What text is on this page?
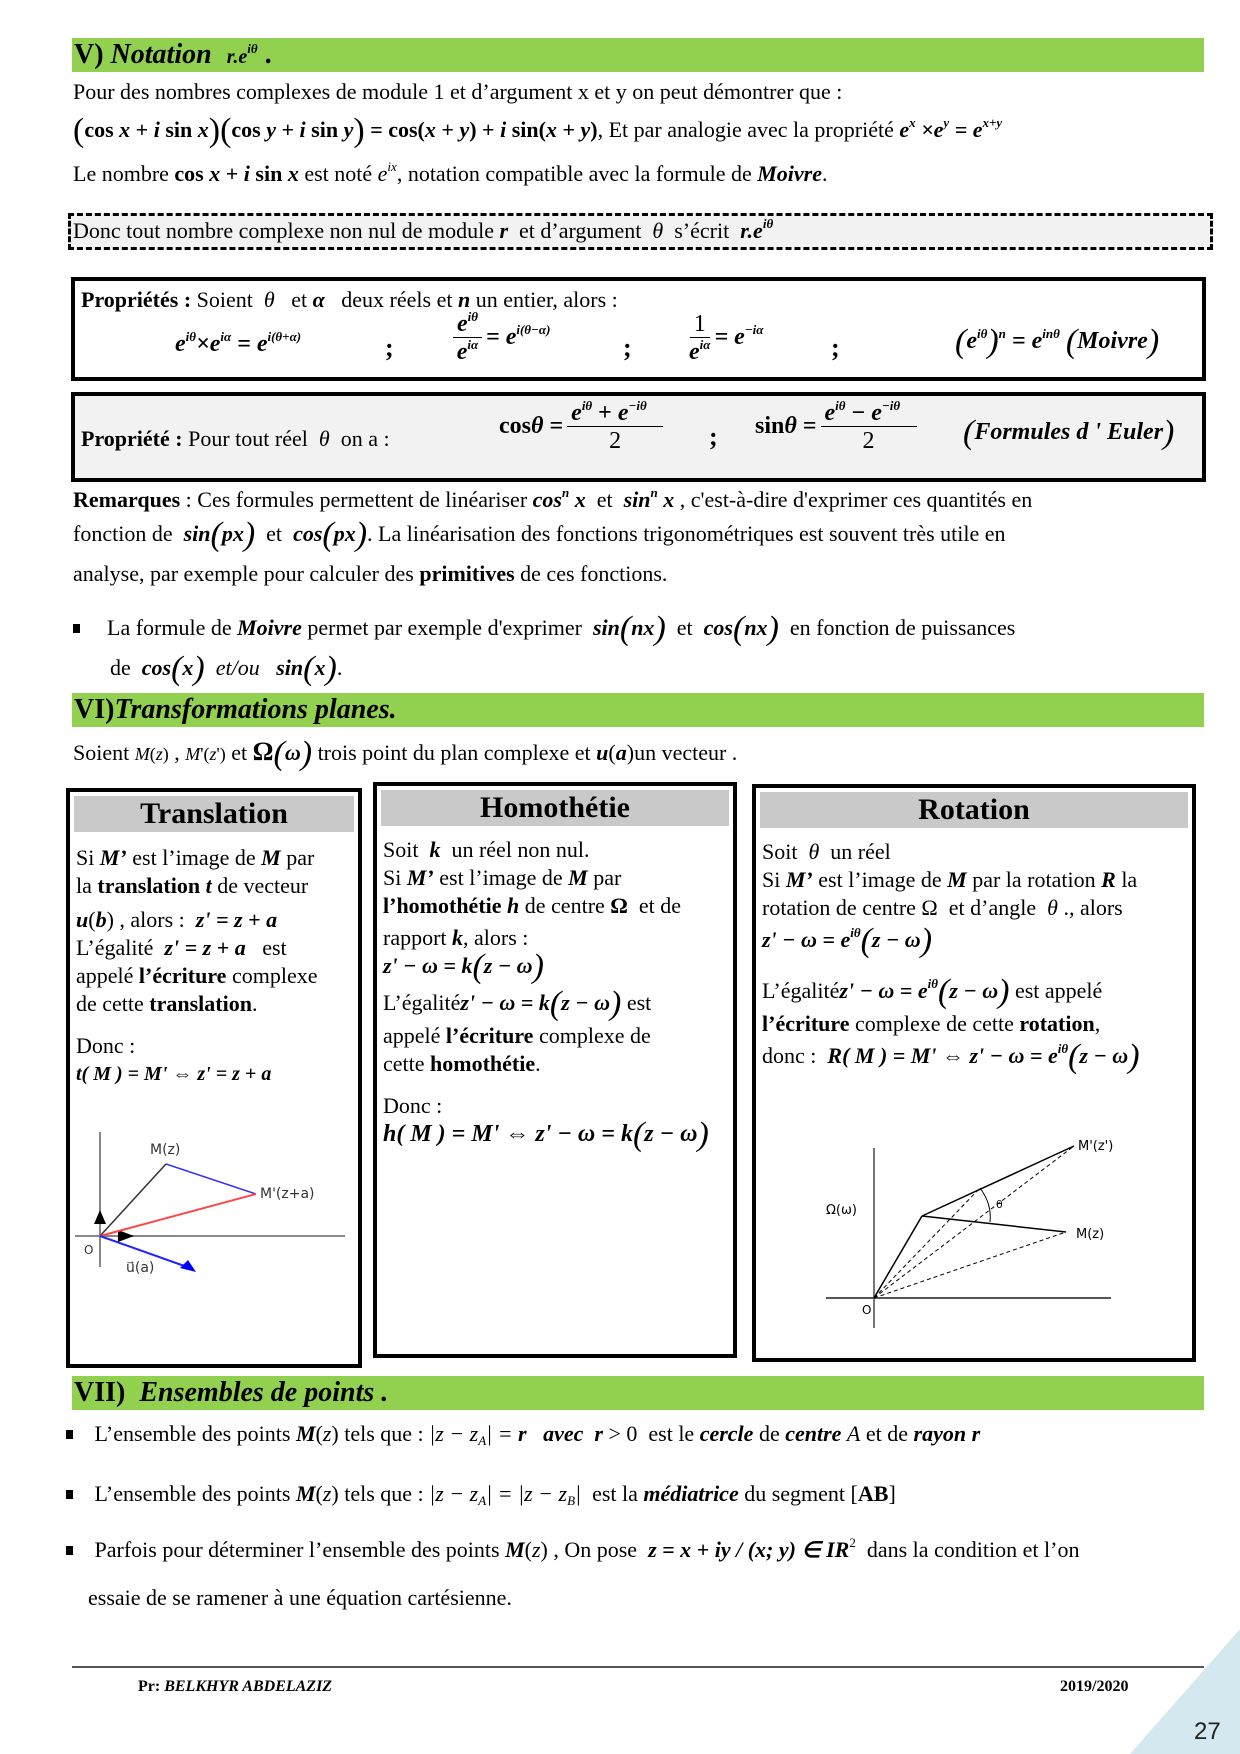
V) Notation $r.e^{i\theta}$ .
Pour des nombres complexes de module 1 et d’argument x et y on peut démontrer que :
(cos x + i sin x)(cos y + i sin y) = cos(x + y) + i sin(x + y), Et par analogie avec la propriété $e^x \times e^y = e^{x+y}$
Le nombre cos x + i sin x est noté $e^{ix}$, notation compatible avec la formule de Moivre.
Donc tout nombre complexe non nul de module r  et d’argument  θ  s’écrit  $r.e^{i\theta}$
Propriétés : Soient  θ   et α   deux réels et n un entier, alors :
$e^{i\theta}\times e^{i\alpha} = e^{i(\theta+\alpha)}$	; $\frac{e^{i\theta}}{e^{i\alpha}} = e^{i(\theta-\alpha)}$
; $\frac{1}{e^{i\alpha}} = e^{-i\alpha}$
;	$(e^{i\theta})^n = e^{in\theta}$ (Moivre)
Propriété : Pour tout réel  θ  on a :	$\cos\theta = \frac{e^{i\theta} + e^{-i\theta}}{2}$ ; $\sin\theta = \frac{e^{i\theta} - e^{-i\theta}}{2}$ (Formules d ' Euler)
Remarques : Ces formules permettent de linéariser $\cos^n x$  et  $\sin^n x$ , c'est-à-dire d'exprimer ces quantités en
fonction de  sin(px)  et  cos(px). La linéarisation des fonctions trigonométriques est souvent très utile en
analyse, par exemple pour calculer des primitives de ces fonctions.
La formule de Moivre permet par exemple d'exprimer  sin(nx)  et  cos(nx)  en fonction de puissances
de  cos(x) et/ou sin(x).
VI)Transformations planes.
Soient M(z) , M'(z') et Ω(ω) trois point du plan complexe et u(a)un vecteur .
Translation
Si M’ est l’image de M par
la translation t de vecteur
u(b) , alors :  z' = z + a
L’égalité  z' = z + a   est
appelé l’écriture complexe
de cette translation.
Donc :
t( M ) = M' ⇔ z' = z + a
M(z)
M'(z+a)
O
u⃗(a)
Homothétie
Soit  k  un réel non nul.
Si M’ est l’image de M par
l’homothétie h de centre Ω  et de
rapport k, alors :
z' − ω = k(z − ω)
L’égalitéz' − ω = k(z − ω) est
appelé l’écriture complexe de
cette homothétie.
Donc :
h( M ) = M' ⇔ z' − ω = k(z − ω)
Rotation
Soit  θ  un réel
Si M’ est l’image de M par la rotation R la
rotation de centre Ω  et d’angle  θ ., alors
$z' - \omega = e^{i\theta}(z - \omega)$
L’égalitéz' − $\omega = e^{i\theta}(z - \omega)$ est appelé
l’écriture complexe de cette rotation,
donc :  R( M ) = M' ⇔ $z' - \omega = e^{i\theta}(z - \omega)$
Ω(ω)	θ
M'(z')
M(z)
O
VII) Ensembles de points .
L’ensemble des points M(z) tels que : $|z - z_A| = r$ avec  r > 0  est le cercle de centre A et de rayon r
L’ensemble des points M(z) tels que : $|z - z_A| = |z - z_B|$  est la médiatrice du segment [AB]
Parfois pour déterminer l’ensemble des points M(z) , On pose  z = x + iy / (x; y) ∈ $IR^2$  dans la condition et l’on
essaie de se ramener à une équation cartésienne.
Pr: BELKHYR ABDELAZIZ	2019/2020
27
